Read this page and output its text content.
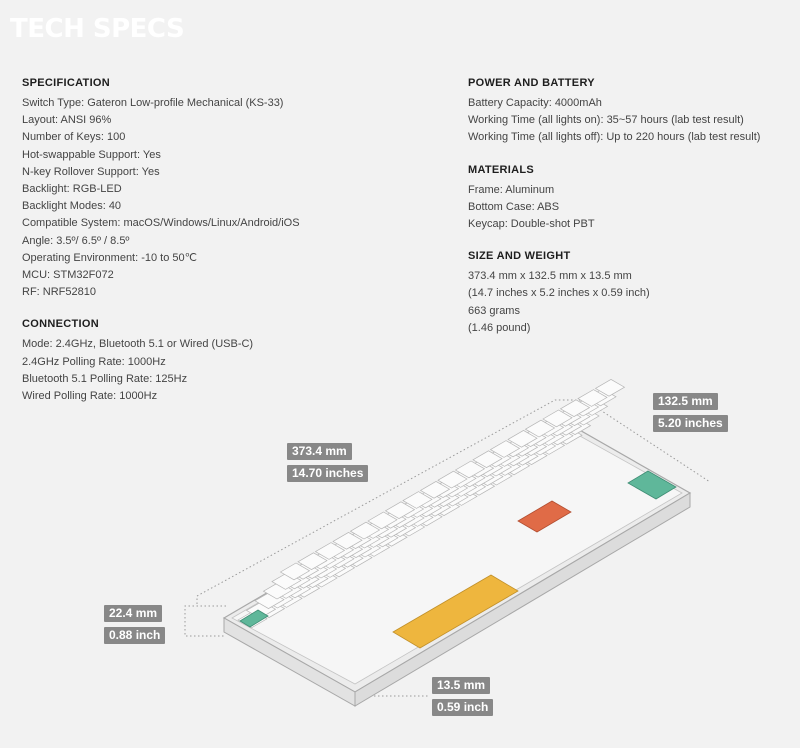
TECH SPECS
SPECIFICATION
Switch Type: Gateron Low-profile Mechanical (KS-33)
Layout: ANSI 96%
Number of Keys: 100
Hot-swappable Support: Yes
N-key Rollover Support: Yes
Backlight: RGB-LED
Backlight Modes: 40
Compatible System: macOS/Windows/Linux/Android/iOS
Angle: 3.5º/ 6.5º / 8.5º
Operating Environment: -10 to 50℃
MCU: STM32F072
RF: NRF52810
CONNECTION
Mode: 2.4GHz, Bluetooth 5.1 or Wired (USB-C)
2.4GHz Polling Rate: 1000Hz
Bluetooth 5.1 Polling Rate: 125Hz
Wired Polling Rate: 1000Hz
POWER AND BATTERY
Battery Capacity: 4000mAh
Working Time (all lights on): 35~57 hours (lab test result)
Working Time (all lights off): Up to 220 hours (lab test result)
MATERIALS
Frame: Aluminum
Bottom Case: ABS
Keycap: Double-shot PBT
SIZE AND WEIGHT
373.4 mm x 132.5 mm x 13.5 mm
(14.7 inches x 5.2 inches x 0.59 inch)
663 grams
(1.46 pound)
373.4 mm
14.70 inches
132.5 mm
5.20 inches
22.4 mm
0.88 inch
13.5 mm
0.59 inch
